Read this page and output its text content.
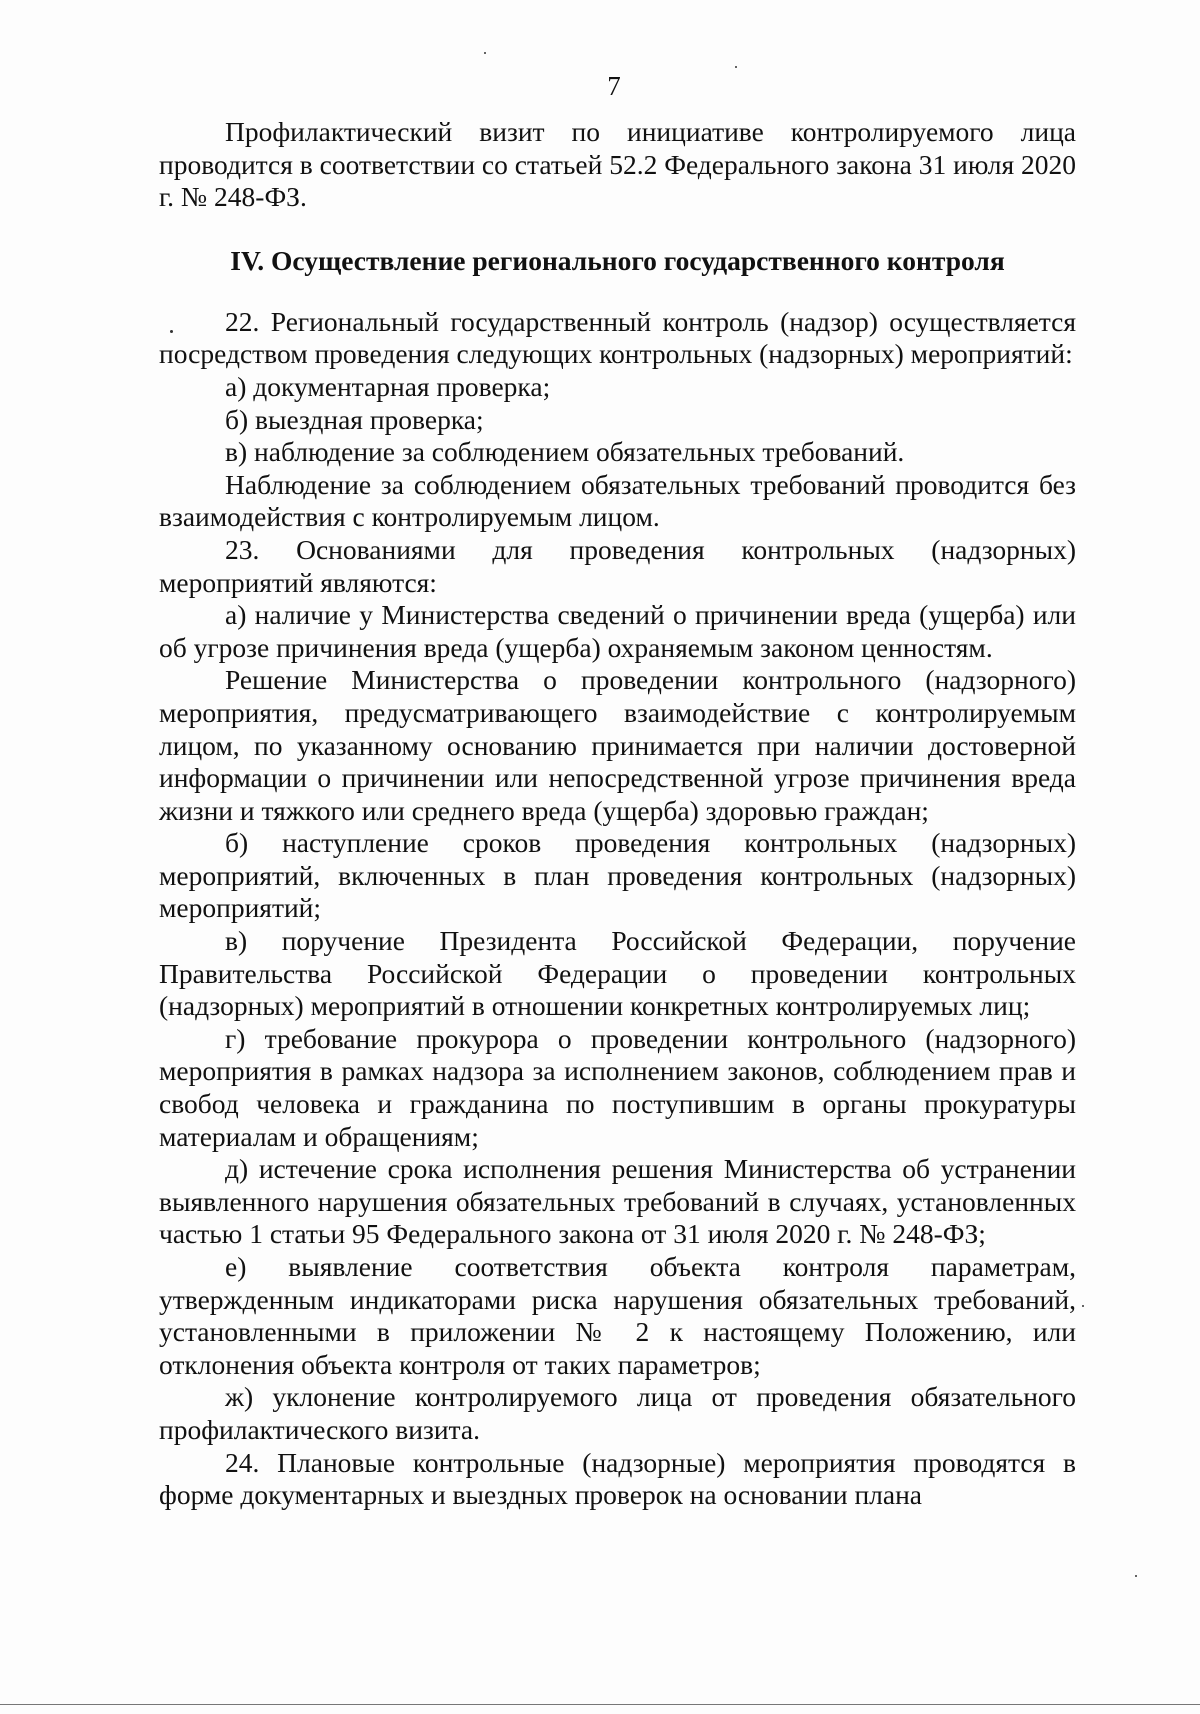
7

Профилактический визит по инициативе контролируемого лица проводится в соответствии со статьей 52.2 Федерального закона 31 июля 2020 г. № 248-ФЗ.

IV. Осуществление регионального государственного контроля

22. Региональный государственный контроль (надзор) осуществляется посредством проведения следующих контрольных (надзорных) мероприятий:

а) документарная проверка;

б) выездная проверка;

в) наблюдение за соблюдением обязательных требований.

Наблюдение за соблюдением обязательных требований проводится без взаимодействия с контролируемым лицом.

23. Основаниями для проведения контрольных (надзорных) мероприятий являются:

а) наличие у Министерства сведений о причинении вреда (ущерба) или об угрозе причинения вреда (ущерба) охраняемым законом ценностям.

Решение Министерства о проведении контрольного (надзорного) мероприятия, предусматривающего взаимодействие с контролируемым лицом, по указанному основанию принимается при наличии достоверной информации о причинении или непосредственной угрозе причинения вреда жизни и тяжкого или среднего вреда (ущерба) здоровью граждан;

б) наступление сроков проведения контрольных (надзорных) мероприятий, включенных в план проведения контрольных (надзорных) мероприятий;

в) поручение Президента Российской Федерации, поручение Правительства Российской Федерации о проведении контрольных (надзорных) мероприятий в отношении конкретных контролируемых лиц;

г) требование прокурора о проведении контрольного (надзорного) мероприятия в рамках надзора за исполнением законов, соблюдением прав и свобод человека и гражданина по поступившим в органы прокуратуры материалам и обращениям;

д) истечение срока исполнения решения Министерства об устранении выявленного нарушения обязательных требований в случаях, установленных частью 1 статьи 95 Федерального закона от 31 июля 2020 г. № 248-ФЗ;

е) выявление соответствия объекта контроля параметрам, утвержденным индикаторами риска нарушения обязательных требований, установленными в приложении № 2 к настоящему Положению, или отклонения объекта контроля от таких параметров;

ж) уклонение контролируемого лица от проведения обязательного профилактического визита.

24. Плановые контрольные (надзорные) мероприятия проводятся в форме документарных и выездных проверок на основании плана
